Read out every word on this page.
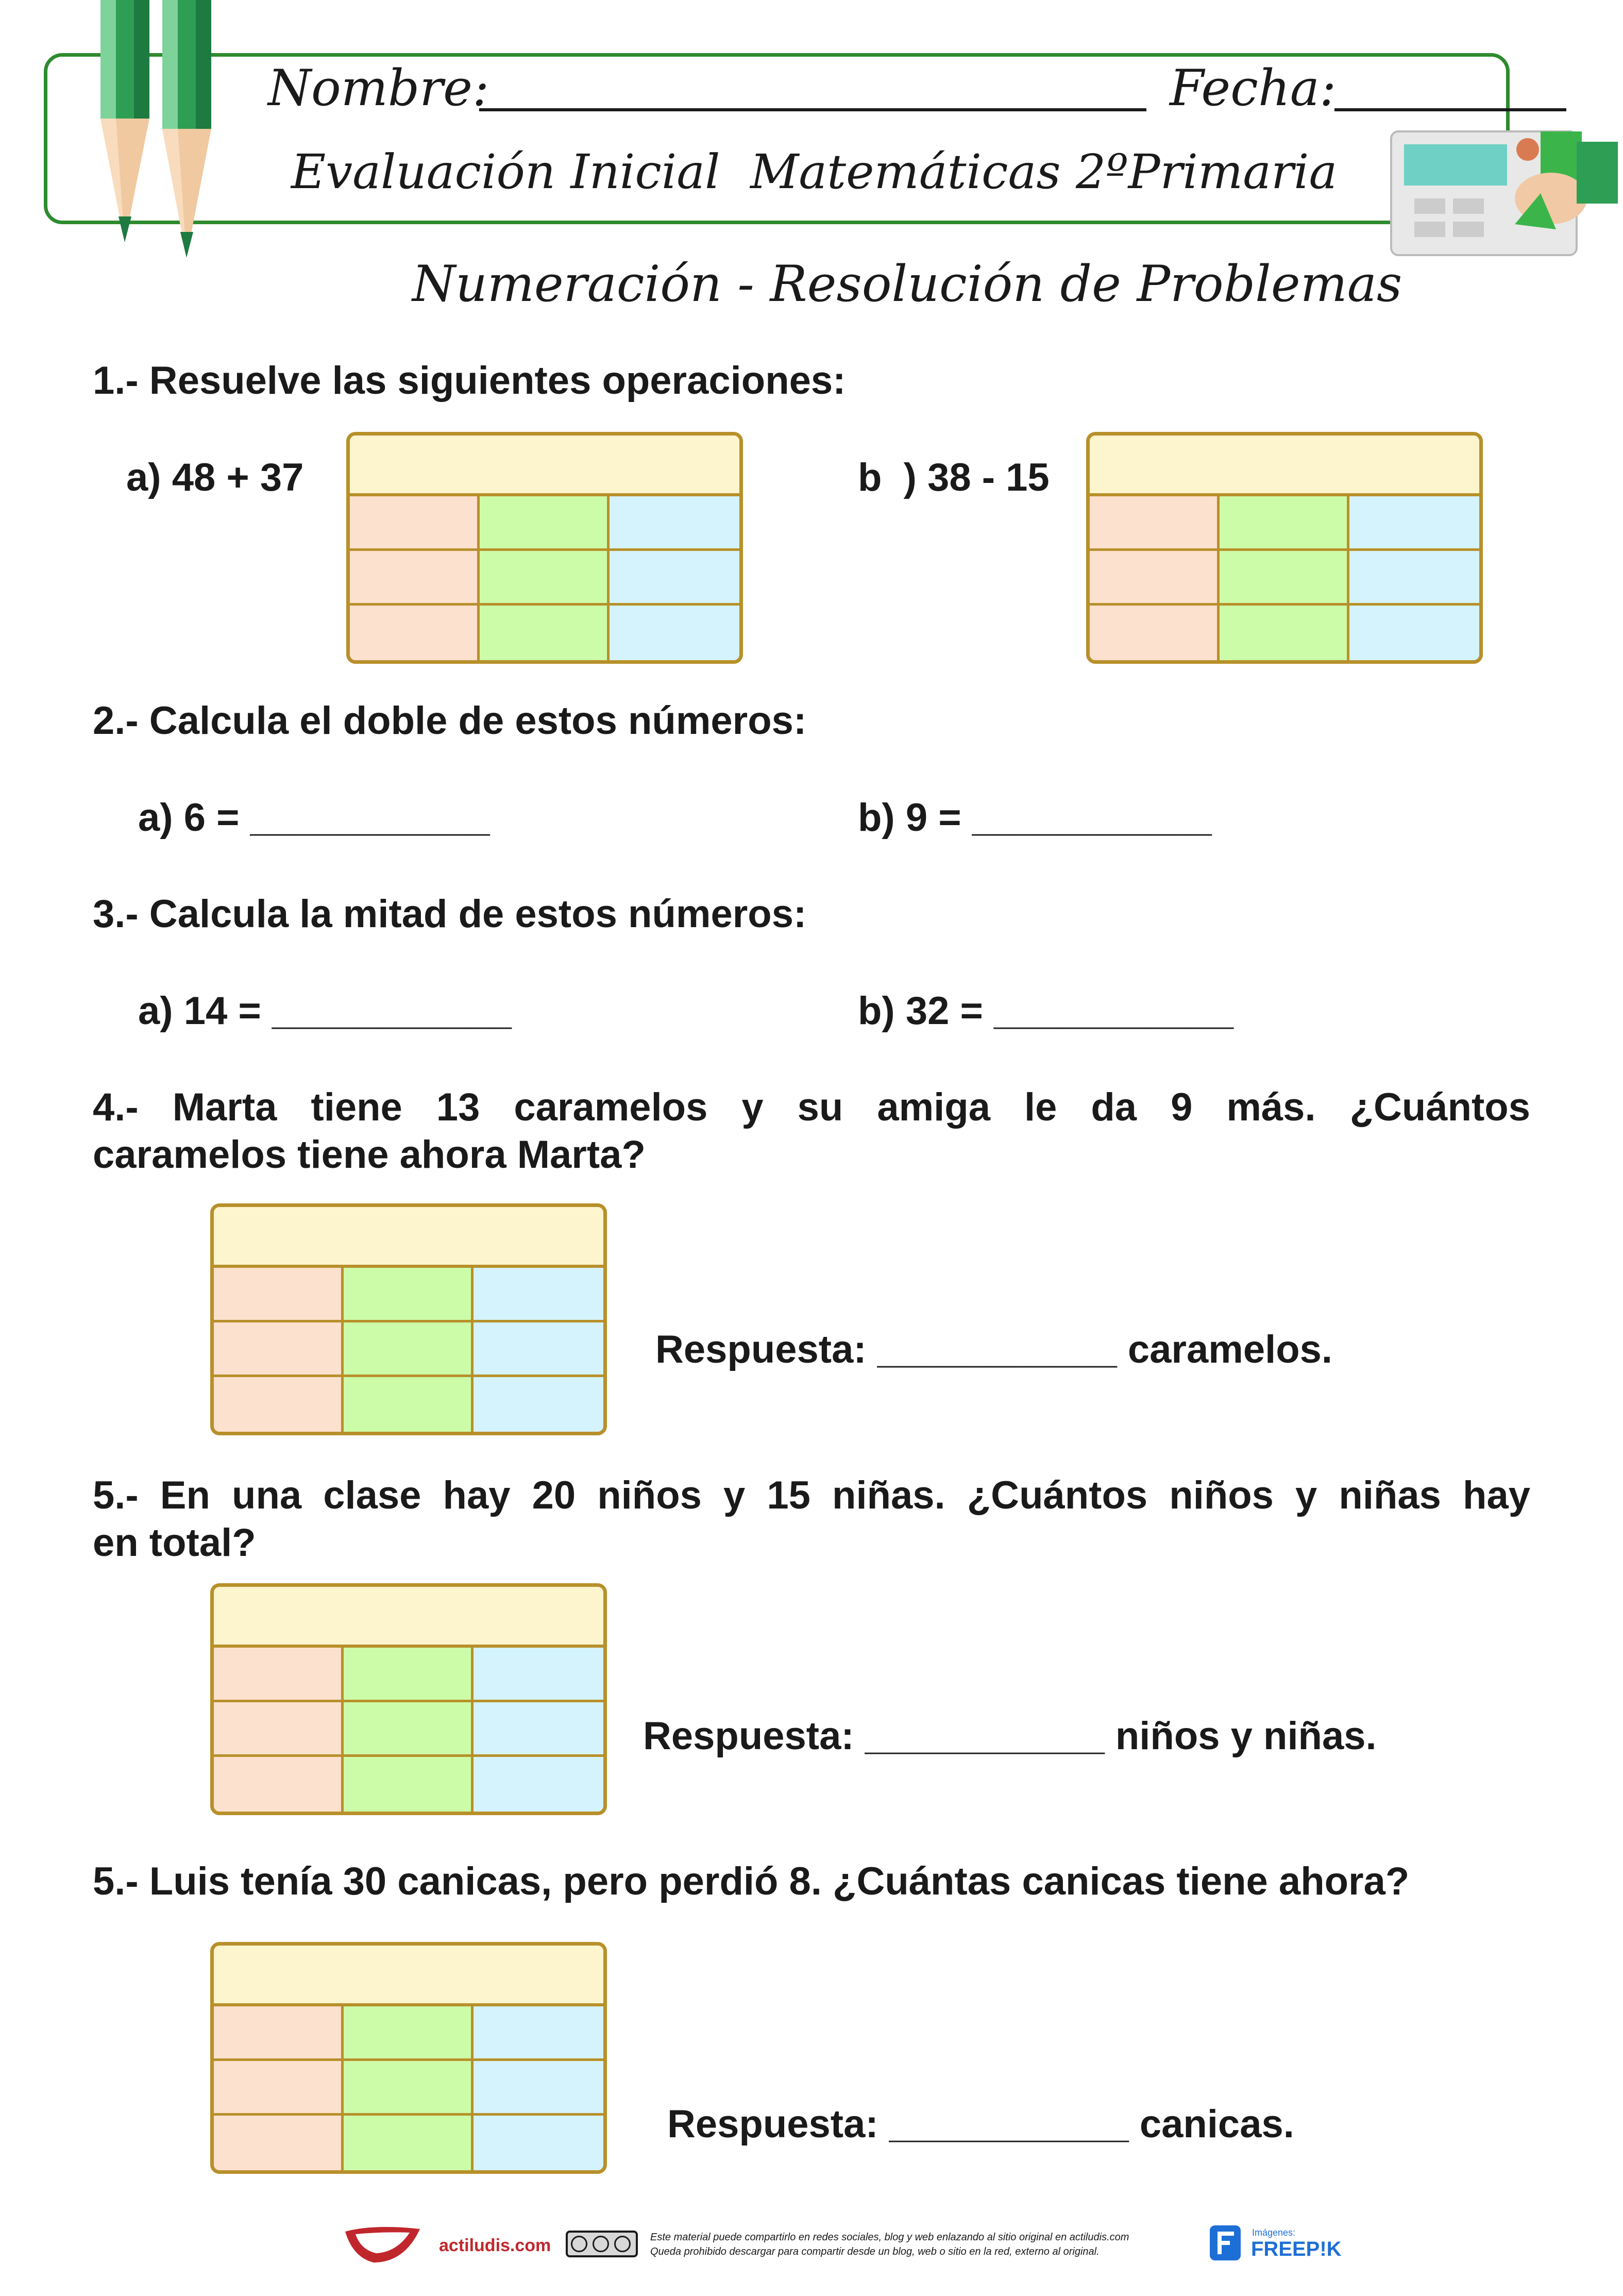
Nombre:	Fecha:
Evaluación Inicial  Matemáticas 2ºPrimaria
Numeración - Resolución de Problemas
1.- Resuelve las siguientes operaciones:
a) 48 + 37	b  ) 38 - 15
2.- Calcula el doble de estos números:
a) 6 = ___________	b) 9 = ___________
3.- Calcula la mitad de estos números:
a) 14 = ___________	b) 32 = ___________
4.- Marta tiene 13 caramelos y su amiga le da 9 más. ¿Cuántos
caramelos tiene ahora Marta?
Respuesta: ___________ caramelos.
5.- En una clase hay 20 niños y 15 niñas. ¿Cuántos niños y niñas hay
en total?
Respuesta: ___________ niños y niñas.
5.- Luis tenía 30 canicas, pero perdió 8. ¿Cuántas canicas tiene ahora?
Respuesta: ___________ canicas.
actiludis.com	Este material puede compartirlo en redes sociales, blog y web enlazando al sitio original en actiludis.com
Queda prohibido descargar para compartir desde un blog, web o sitio en la red, externo al original.
Imágenes:
FREEP!K
